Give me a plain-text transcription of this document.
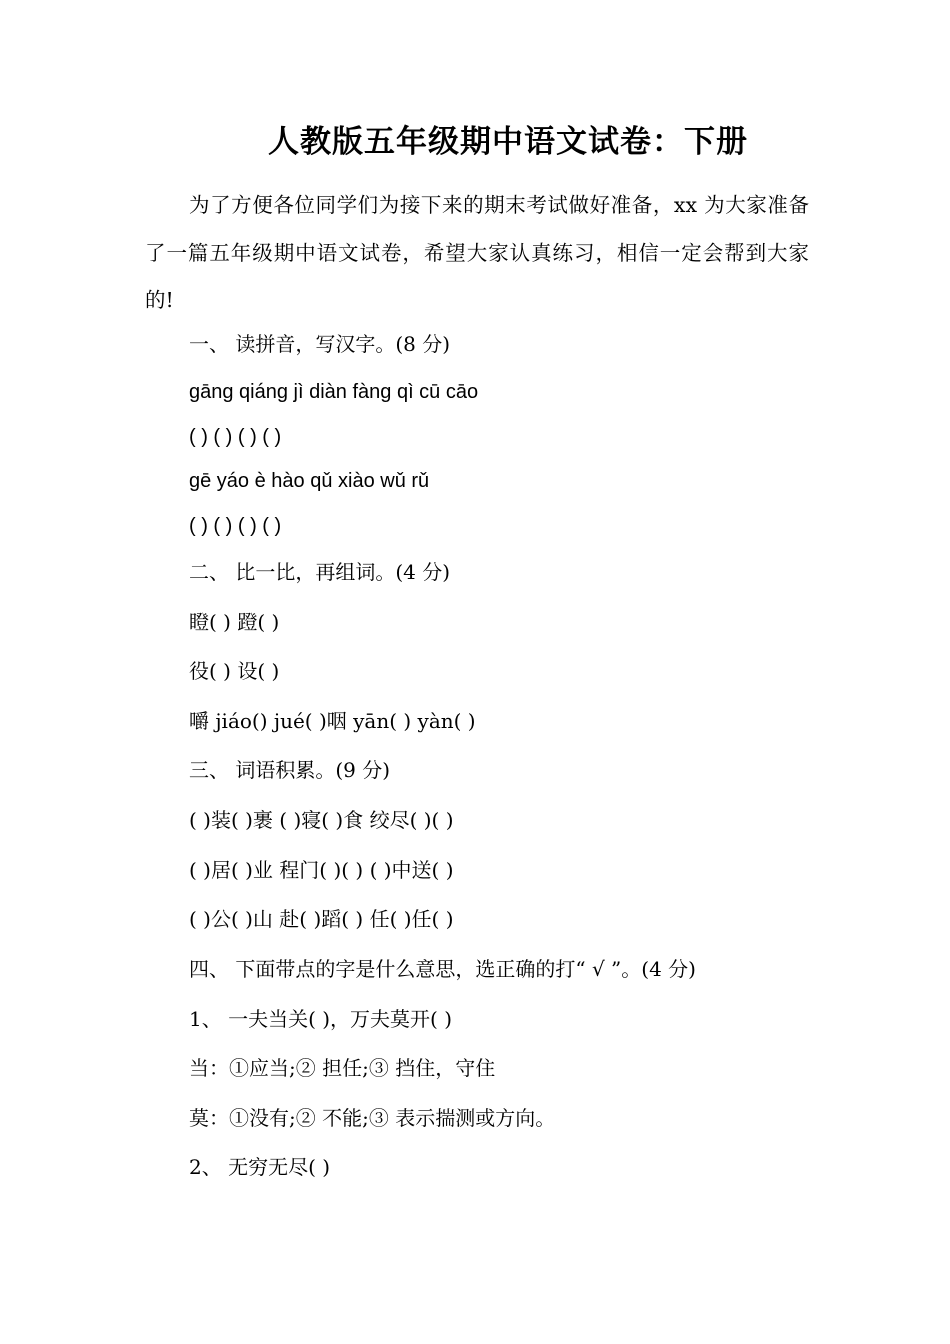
人教版五年级期中语文试卷：下册
为了方便各位同学们为接下来的期末考试做好准备，xx 为大家准备了一篇五年级期中语文试卷，希望大家认真练习，相信一定会帮到大家的!
一、 读拼音，写汉字。(8 分)
gāng qiáng jì diàn fàng qì cū cāo
( ) ( ) ( ) ( )
gē yáo è hào qǔ xiào wǔ rǔ
( ) ( ) ( ) ( )
二、 比一比，再组词。(4 分)
瞪( ) 蹬( )
役( ) 设( )
嚼 jiáo() jué( )咽 yān( ) yàn( )
三、 词语积累。(9 分)
( )装( )裹 ( )寝( )食 绞尽( )( )
( )居( )业 程门( )( ) ( )中送( )
( )公( )山 赴( )蹈( ) 任( )任( )
四、 下面带点的字是什么意思，选正确的打“ √ ”。(4 分)
1、 一夫当关( )，万夫莫开( )
当：①应当;② 担任;③ 挡住，守住
莫：①没有;② 不能;③ 表示揣测或方向。
2、 无穷无尽( )
